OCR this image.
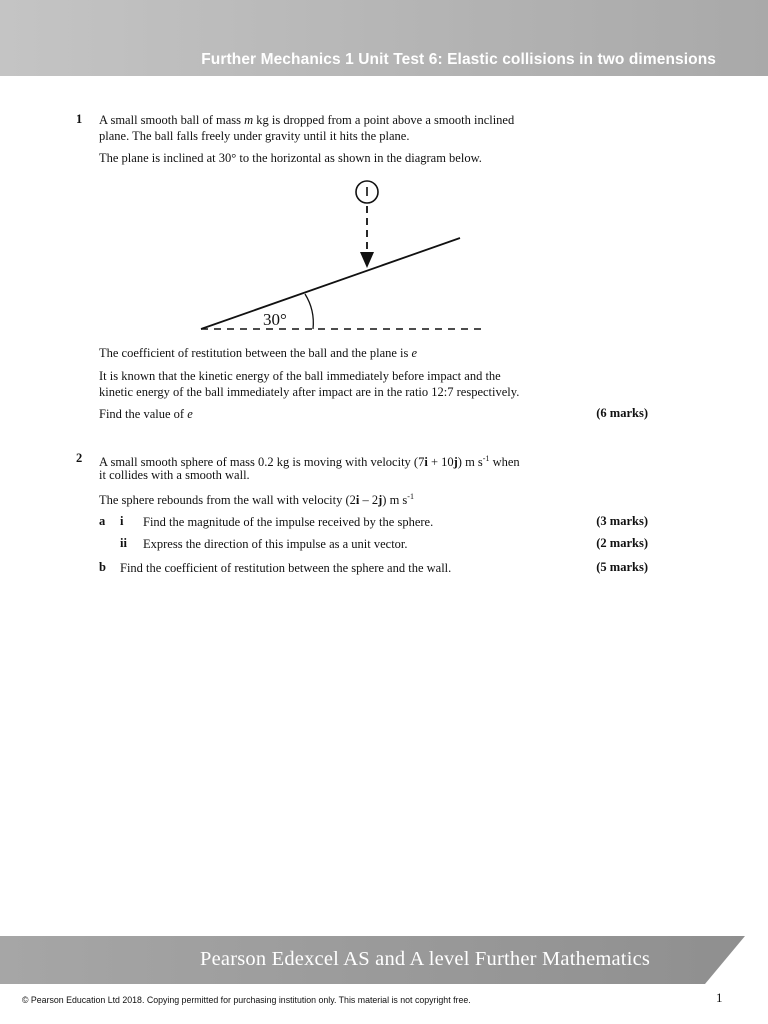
Further Mechanics 1 Unit Test 6: Elastic collisions in two dimensions
1 A small smooth ball of mass m kg is dropped from a point above a smooth inclined
plane. The ball falls freely under gravity until it hits the plane.
The plane is inclined at 30° to the horizontal as shown in the diagram below.
30°
The coefficient of restitution between the ball and the plane is e
It is known that the kinetic energy of the ball immediately before impact and the
kinetic energy of the ball immediately after impact are in the ratio 12:7 respectively.
Find the value of e	(6 marks)
2 A small smooth sphere of mass 0.2 kg is moving with velocity (7i + 10j) m $s^{-1}$ when
it collides with a smooth wall.
The sphere rebounds from the wall with velocity (2i – 2j) m $s^{-1}$
a i Find the magnitude of the impulse received by the sphere.	(3 marks)
ii Express the direction of this impulse as a unit vector.	(2 marks)
b Find the coefficient of restitution between the sphere and the wall.	(5 marks)
Pearson Edexcel AS and A level Further Mathematics
© Pearson Education Ltd 2018. Copying permitted for purchasing institution only. This material is not copyright free.	1
